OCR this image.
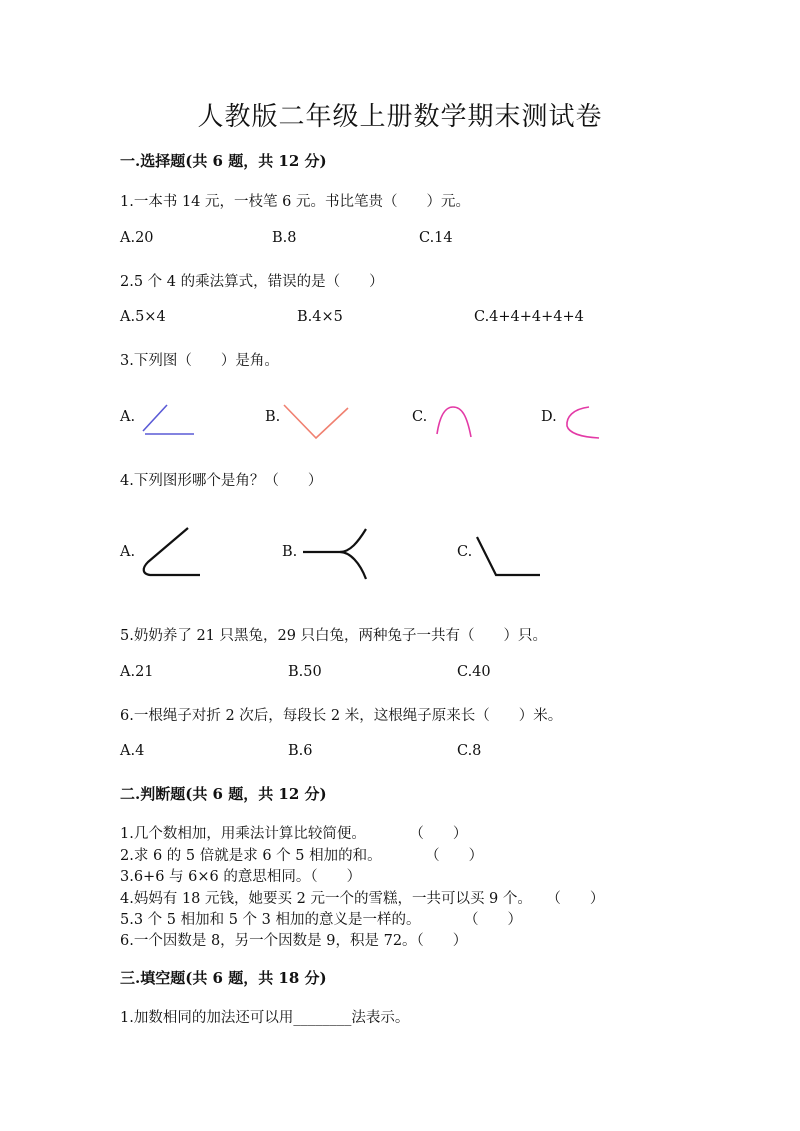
人教版二年级上册数学期末测试卷
一.选择题(共 6 题，共 12 分)
1.一本书 14 元，一枝笔 6 元。书比笔贵（　　）元。
A.20	B.8	C.14
2.5 个 4 的乘法算式，错误的是（　　）
A.5×4	B.4×5	C.4+4+4+4+4
3.下列图（　　）是角。
A.	B.	C.	D.
4.下列图形哪个是角？（　　）
A.	B.	C.
5.奶奶养了 21 只黑兔，29 只白兔，两种兔子一共有（　　）只。
A.21	B.50	C.40
6.一根绳子对折 2 次后，每段长 2 米，这根绳子原来长（　　）米。
A.4	B.6	C.8
二.判断题(共 6 题，共 12 分)
1.几个数相加，用乘法计算比较简便。　　　　（　　）
2.求 6 的 5 倍就是求 6 个 5 相加的和。　　　　（　　）
3.6+6 与 6×6 的意思相同。（　　）
4.妈妈有 18 元钱，她要买 2 元一个的雪糕，一共可以买 9 个。　　（　　）
5.3 个 5 相加和 5 个 3 相加的意义是一样的。　　　　（　　）
6.一个因数是 8，另一个因数是 9，积是 72。（　　）
三.填空题(共 6 题，共 18 分)
1.加数相同的加法还可以用________法表示。
